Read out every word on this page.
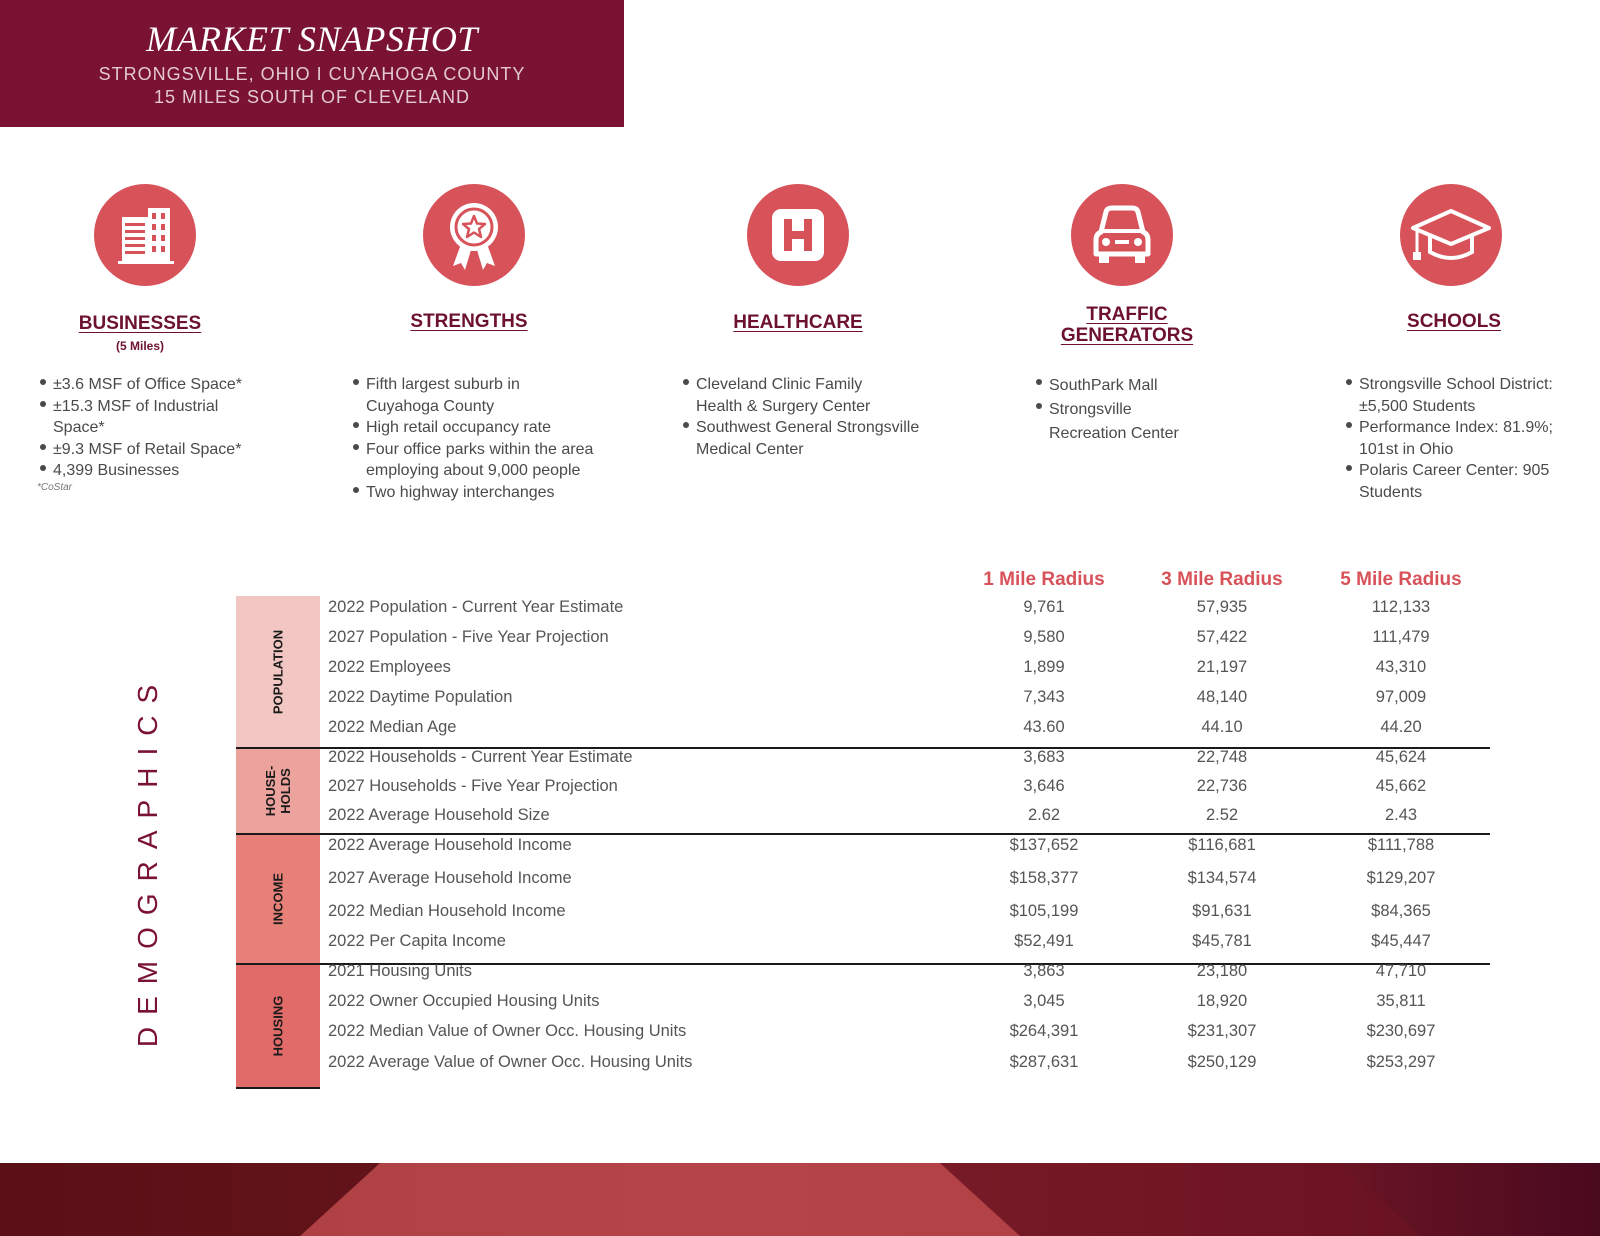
MARKET SNAPSHOT
STRONGSVILLE, OHIO I CUYAHOGA COUNTY
15 MILES SOUTH OF CLEVELAND
BUSINESSES
(5 Miles)
±3.6 MSF of Office Space*
±15.3 MSF of Industrial Space*
±9.3 MSF of Retail Space*
4,399 Businesses
*CoStar
STRENGTHS
Fifth largest suburb in Cuyahoga County
High retail occupancy rate
Four office parks within the area employing about 9,000 people
Two highway interchanges
HEALTHCARE
Cleveland Clinic Family Health & Surgery Center
Southwest General Strongsville Medical Center
TRAFFIC
GENERATORS
SouthPark Mall
Strongsville Recreation Center
SCHOOLS
Strongsville School District: ±5,500 Students
Performance Index: 81.9%; 101st in Ohio
Polaris Career Center: 905 Students
DEMOGRAPHICS
1 Mile Radius	3 Mile Radius	5 Mile Radius
POPULATION
HOUSE-
HOLDS
INCOME
HOUSING
2022 Population - Current Year Estimate	9,761	57,935	112,133
2027 Population - Five Year Projection	9,580	57,422	111,479
2022 Employees	1,899	21,197	43,310
2022 Daytime Population	7,343	48,140	97,009
2022 Median Age	43.60	44.10	44.20
2022 Households - Current Year Estimate	3,683	22,748	45,624
2027 Households - Five Year Projection	3,646	22,736	45,662
2022 Average Household Size	2.62	2.52	2.43
2022 Average Household Income	$137,652	$116,681	$111,788
2027 Average Household Income	$158,377	$134,574	$129,207
2022 Median Household Income	$105,199	$91,631	$84,365
2022 Per Capita Income	$52,491	$45,781	$45,447
2021 Housing Units	3,863	23,180	47,710
2022 Owner Occupied Housing Units	3,045	18,920	35,811
2022 Median Value of Owner Occ. Housing Units	$264,391	$231,307	$230,697
2022 Average Value of Owner Occ. Housing Units	$287,631	$250,129	$253,297
